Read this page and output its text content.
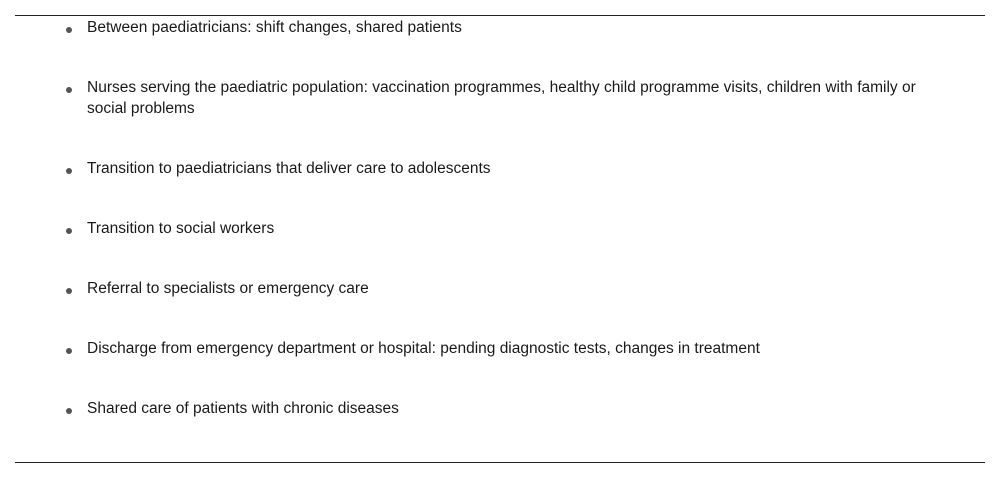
Between paediatricians: shift changes, shared patients
Nurses serving the paediatric population: vaccination programmes, healthy child programme visits, children with family or social problems
Transition to paediatricians that deliver care to adolescents
Transition to social workers
Referral to specialists or emergency care
Discharge from emergency department or hospital: pending diagnostic tests, changes in treatment
Shared care of patients with chronic diseases
